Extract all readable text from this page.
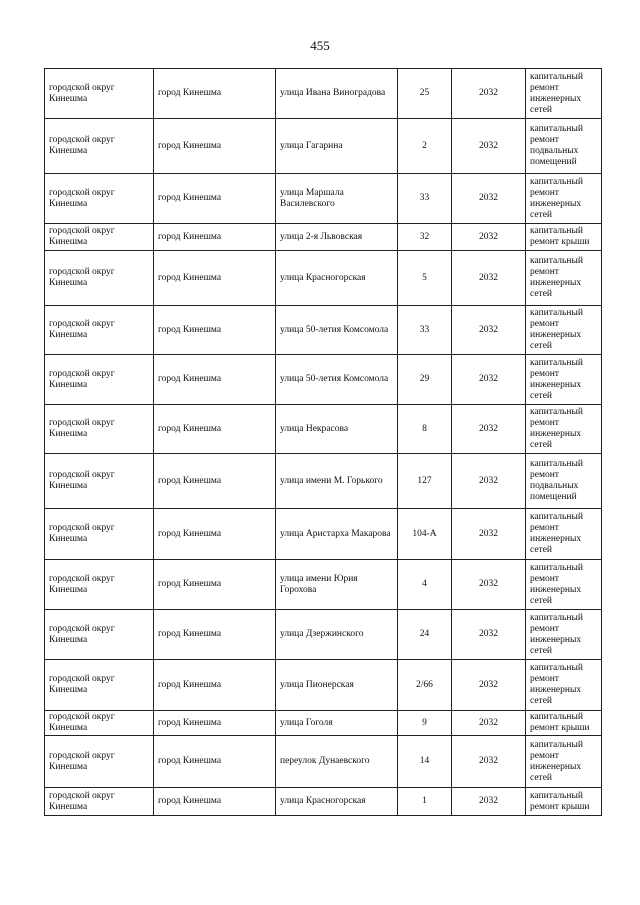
455
городской округ Кинешма	город Кинешма	улица Ивана Виноградова	25	2032	капитальный ремонт инженерных сетей
городской округ Кинешма	город Кинешма	улица Гагарина	2	2032	капитальный ремонт подвальных помещений
городской округ Кинешма	город Кинешма	улица Маршала Василевского	33	2032	капитальный ремонт инженерных сетей
городской округ Кинешма	город Кинешма	улица 2-я Львовская	32	2032	капитальный ремонт крыши
городской округ Кинешма	город Кинешма	улица Красногорская	5	2032	капитальный ремонт инженерных сетей
городской округ Кинешма	город Кинешма	улица 50-летия Комсомола	33	2032	капитальный ремонт инженерных сетей
городской округ Кинешма	город Кинешма	улица 50-летия Комсомола	29	2032	капитальный ремонт инженерных сетей
городской округ Кинешма	город Кинешма	улица Некрасова	8	2032	капитальный ремонт инженерных сетей
городской округ Кинешма	город Кинешма	улица имени М. Горького	127	2032	капитальный ремонт подвальных помещений
городской округ Кинешма	город Кинешма	улица Аристарха Макарова	104-А	2032	капитальный ремонт инженерных сетей
городской округ Кинешма	город Кинешма	улица имени Юрия Горохова	4	2032	капитальный ремонт инженерных сетей
городской округ Кинешма	город Кинешма	улица Дзержинского	24	2032	капитальный ремонт инженерных сетей
городской округ Кинешма	город Кинешма	улица Пионерская	2/66	2032	капитальный ремонт инженерных сетей
городской округ Кинешма	город Кинешма	улица Гоголя	9	2032	капитальный ремонт крыши
городской округ Кинешма	город Кинешма	переулок Дунаевского	14	2032	капитальный ремонт инженерных сетей
городской округ Кинешма	город Кинешма	улица Красногорская	1	2032	капитальный ремонт крыши
